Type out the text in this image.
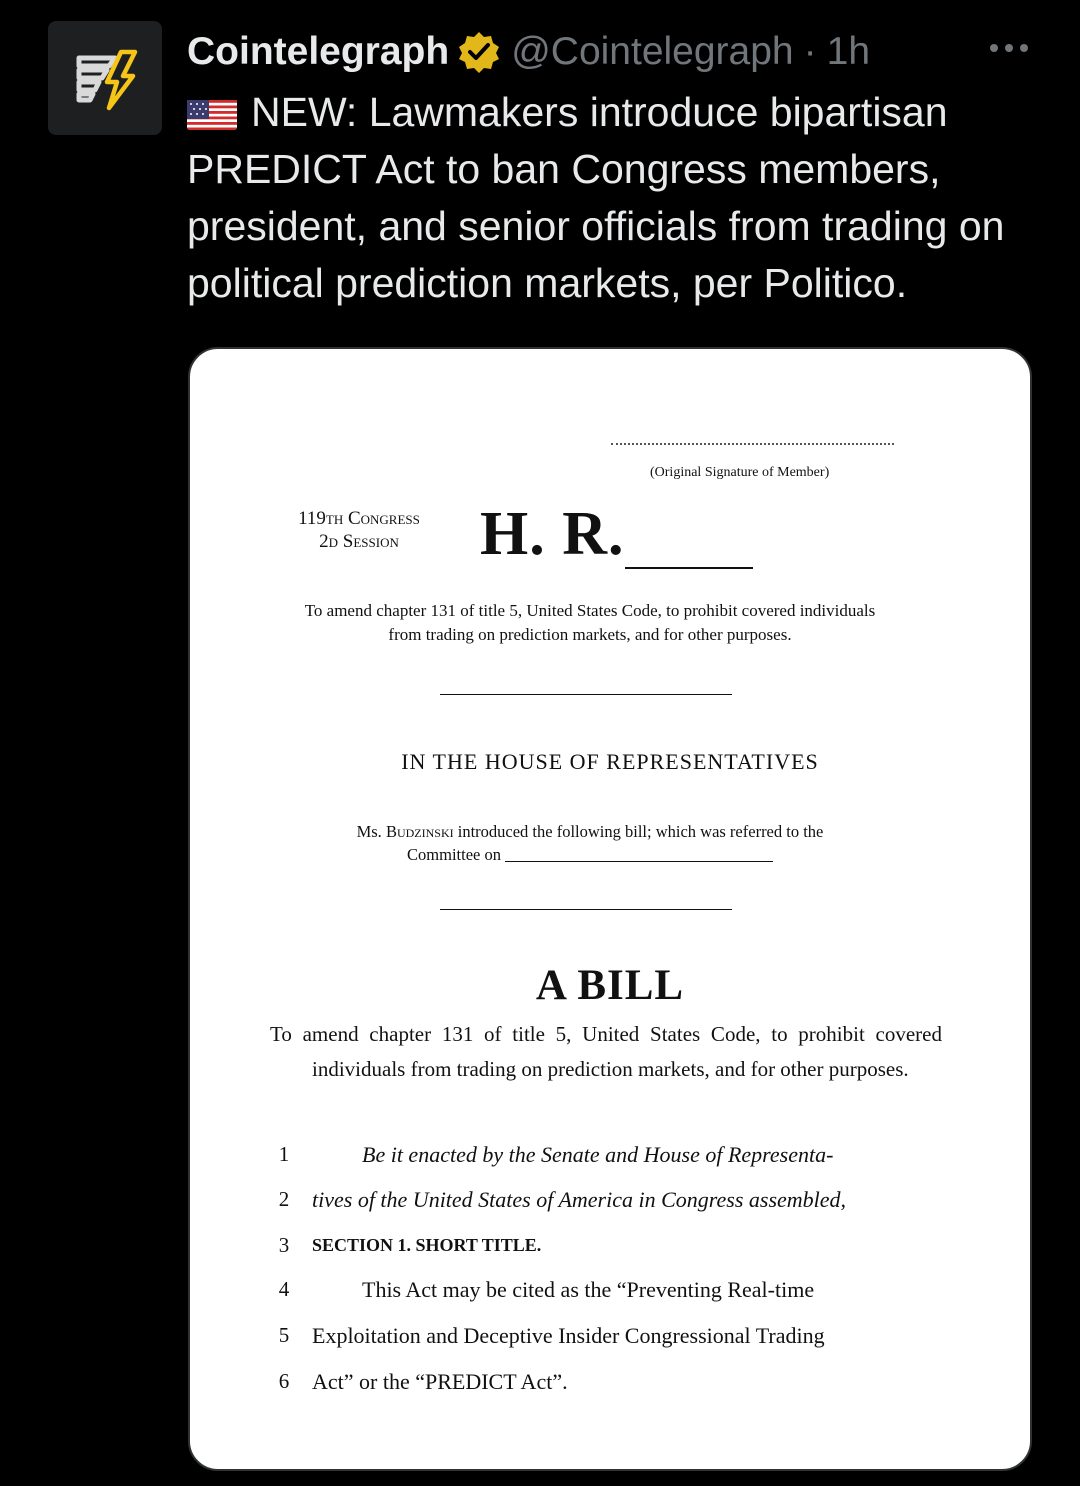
Cointelegraph @Cointelegraph · 1h
NEW: Lawmakers introduce bipartisan PREDICT Act to ban Congress members, president, and senior officials from trading on political prediction markets, per Politico.
(Original Signature of Member)
119th Congress
2d Session	H. R.
To amend chapter 131 of title 5, United States Code, to prohibit covered individuals from trading on prediction markets, and for other purposes.
IN THE HOUSE OF REPRESENTATIVES
Ms. Budzinski introduced the following bill; which was referred to the
Committee on
A BILL
To amend chapter 131 of title 5, United States Code, to prohibit covered individuals from trading on prediction markets, and for other purposes.
1	Be it enacted by the Senate and House of Representa-
2	tives of the United States of America in Congress assembled,
3	SECTION 1. SHORT TITLE.
4	This Act may be cited as the “Preventing Real-time
5	Exploitation and Deceptive Insider Congressional Trading
6	Act” or the “PREDICT Act”.
